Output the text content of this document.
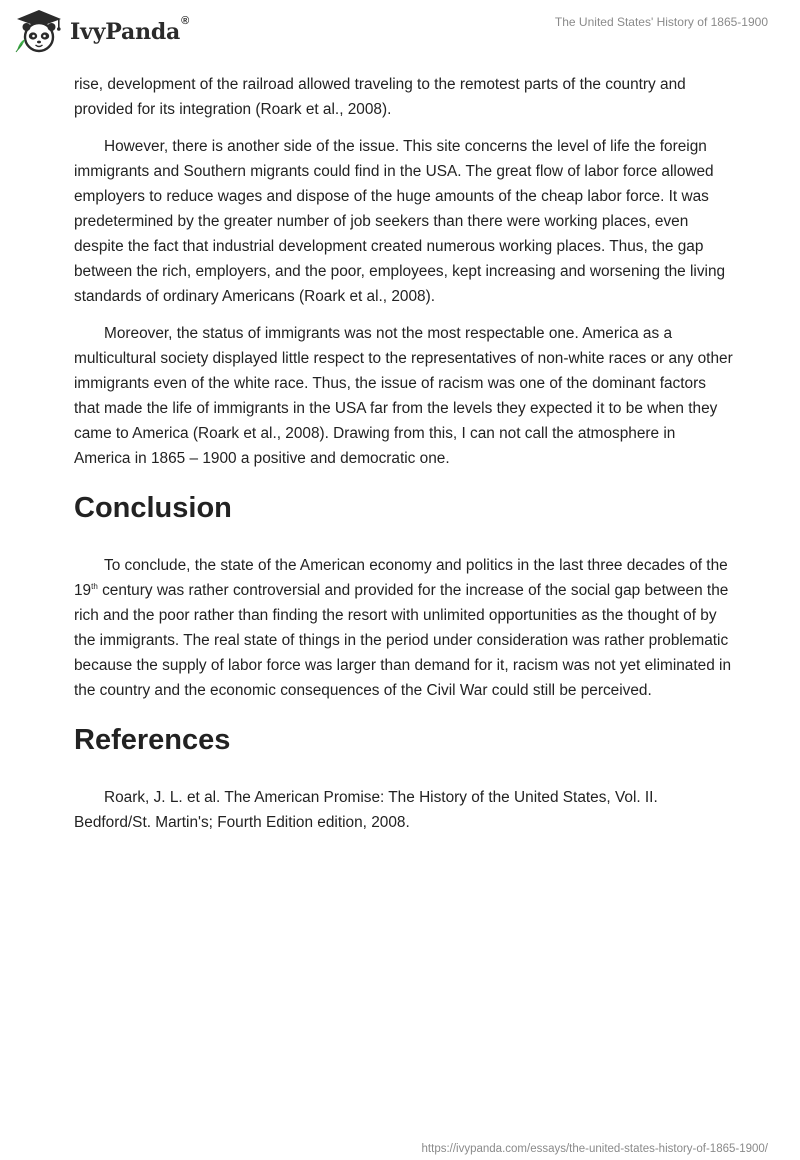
IvyPanda®	The United States' History of 1865-1900

rise, development of the railroad allowed traveling to the remotest parts of the country and provided for its integration (Roark et al., 2008).

However, there is another side of the issue. This site concerns the level of life the foreign immigrants and Southern migrants could find in the USA. The great flow of labor force allowed employers to reduce wages and dispose of the huge amounts of the cheap labor force. It was predetermined by the greater number of job seekers than there were working places, even despite the fact that industrial development created numerous working places. Thus, the gap between the rich, employers, and the poor, employees, kept increasing and worsening the living standards of ordinary Americans (Roark et al., 2008).

Moreover, the status of immigrants was not the most respectable one. America as a multicultural society displayed little respect to the representatives of non-white races or any other immigrants even of the white race. Thus, the issue of racism was one of the dominant factors that made the life of immigrants in the USA far from the levels they expected it to be when they came to America (Roark et al., 2008). Drawing from this, I can not call the atmosphere in America in 1865 – 1900 a positive and democratic one.

Conclusion

To conclude, the state of the American economy and politics in the last three decades of the 19th century was rather controversial and provided for the increase of the social gap between the rich and the poor rather than finding the resort with unlimited opportunities as the thought of by the immigrants. The real state of things in the period under consideration was rather problematic because the supply of labor force was larger than demand for it, racism was not yet eliminated in the country and the economic consequences of the Civil War could still be perceived.

References

Roark, J. L. et al. The American Promise: The History of the United States, Vol. II. Bedford/St. Martin's; Fourth Edition edition, 2008.

https://ivypanda.com/essays/the-united-states-history-of-1865-1900/
